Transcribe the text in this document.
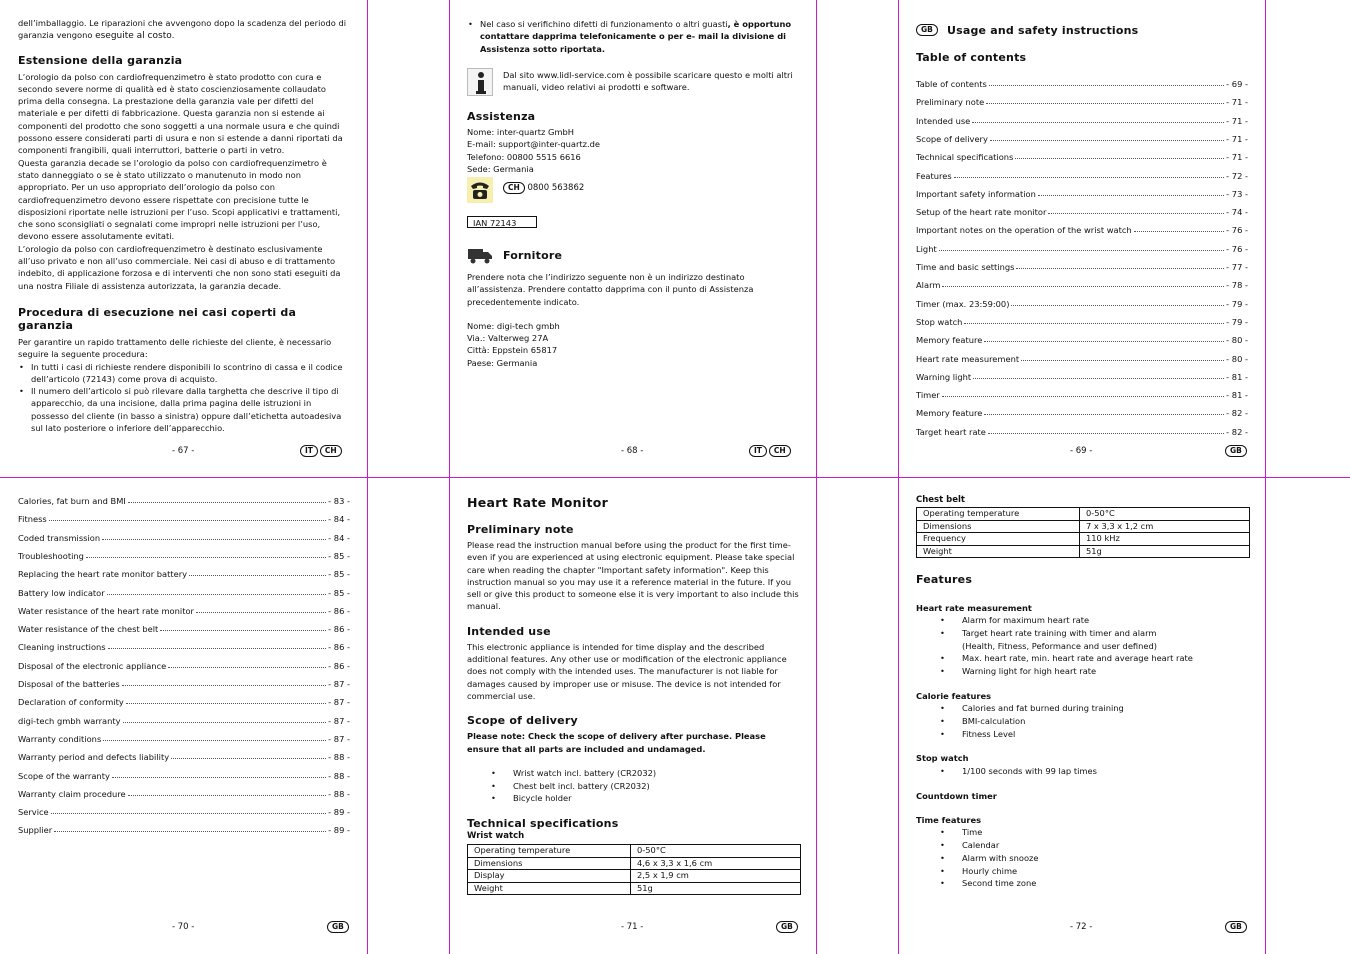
dell’imballaggio. Le riparazioni che avvengono dopo la scadenza del periodo di garanzia vengono eseguite al costo.

Estensione della garanzia

L’orologio da polso con cardiofrequenzimetro è stato prodotto con cura e secondo severe norme di qualità ed è stato coscienziosamente collaudato prima della consegna. La prestazione della garanzia vale per difetti del materiale e per difetti di fabbricazione. Questa garanzia non si estende ai componenti del prodotto che sono soggetti a una normale usura e che quindi possono essere considerati parti di usura e non si estende a danni riportati da componenti frangibili, quali interruttori, batterie o parti in vetro.

Questa garanzia decade se l’orologio da polso con cardiofrequenzimetro è stato danneggiato o se è stato utilizzato o manutenuto in modo non appropriato. Per un uso appropriato dell’orologio da polso con cardiofrequenzimetro devono essere rispettate con precisione tutte le disposizioni riportate nelle istruzioni per l’uso. Scopi applicativi e trattamenti, che sono sconsigliati o segnalati come impropri nelle istruzioni per l’uso, devono essere assolutamente evitati.

L’orologio da polso con cardiofrequenzimetro è destinato esclusivamente all’uso privato e non all’uso commerciale. Nei casi di abuso e di trattamento indebito, di applicazione forzosa e di interventi che non sono stati eseguiti da una nostra Filiale di assistenza autorizzata, la garanzia decade.

Procedura di esecuzione nei casi coperti da garanzia

Per garantire un rapido trattamento delle richieste del cliente, è necessario seguire la seguente procedura:

• In tutti i casi di richieste rendere disponibili lo scontrino di cassa e il codice dell’articolo (72143) come prova di acquisto.
• Il numero dell’articolo si può rilevare dalla targhetta che descrive il tipo di apparecchio, da una incisione, dalla prima pagina delle istruzioni in possesso del cliente (in basso a sinistra) oppure dall’etichetta autoadesiva sul lato posteriore o inferiore dell’apparecchio.
- 67 -	IT CH
• Nel caso si verifichino difetti di funzionamento o altri guasti, è opportuno contattare dapprima telefonicamente o per e- mail la divisione di Assistenza sotto riportata.

Dal sito www.lidl-service.com è possibile scaricare questo e molti altri manuali, video relativi ai prodotti e software.

Assistenza

Nome: inter-quartz GmbH

E-mail: support@inter-quartz.de

Telefono: 00800 5515 6616

Sede: Germania

CH 0800 563862
IAN 72143

Fornitore

Prendere nota che l’indirizzo seguente non è un indirizzo destinato all’assistenza. Prendere contatto dapprima con il punto di Assistenza precedentemente indicato.

Nome: digi-tech gmbh

Via.: Valterweg 27A

Città: Eppstein 65817

Paese: Germania

- 68 -	IT CH
GB Usage and safety instructions

Table of contents

Table of contents	- 69 -
Preliminary note	- 71 -
Intended use	- 71 -
Scope of delivery	- 71 -
Technical specifications	- 71 -
Features	- 72 -
Important safety information	- 73 -
Setup of the heart rate monitor	- 74 -
Important notes on the operation of the wrist watch	- 76 -
Light	- 76 -
Time and basic settings	- 77 -
Alarm	- 78 -
Timer (max. 23:59:00)	- 79 -
Stop watch	- 79 -
Memory feature	- 80 -
Heart rate measurement	- 80 -
Warning light	- 81 -
Timer	- 81 -
Memory feature	- 82 -
Target heart rate	- 82 -
- 69 -	GB
Calories, fat burn and BMI	- 83 -
Fitness	- 84 -
Coded transmission	- 84 -
Troubleshooting	- 85 -
Replacing the heart rate monitor battery	- 85 -
Battery low indicator	- 85 -
Water resistance of the heart rate monitor	- 86 -
Water resistance of the chest belt	- 86 -
Cleaning instructions	- 86 -
Disposal of the electronic appliance	- 86 -
Disposal of the batteries	- 87 -
Declaration of conformity	- 87 -
digi-tech gmbh warranty	- 87 -
Warranty conditions	- 87 -
Warranty period and defects liability	- 88 -
Scope of the warranty	- 88 -
Warranty claim procedure	- 88 -
Service	- 89 -
Supplier	- 89 -
- 70 -	GB

Heart Rate Monitor

Preliminary note

Please read the instruction manual before using the product for the first time- even if you are experienced at using electronic equipment. Please take special care when reading the chapter "Important safety information". Keep this instruction manual so you may use it a reference material in the future. If you sell or give this product to someone else it is very important to also include this manual.

Intended use

This electronic appliance is intended for time display and the described additional features. Any other use or modification of the electronic appliance does not comply with the intended uses. The manufacturer is not liable for damages caused by improper use or misuse. The device is not intended for commercial use.

Scope of delivery

Please note: Check the scope of delivery after purchase. Please ensure that all parts are included and undamaged.

• Wrist watch incl. battery (CR2032)
• Chest belt incl. battery (CR2032)
• Bicycle holder

Technical specifications

Wrist watch
Operating temperature	0-50°C
Dimensions	4,6 x 3,3 x 1,6 cm
Display	2,5 x 1,9 cm
Weight	51g
- 71 -	GB
Chest belt
Operating temperature	0-50°C
Dimensions	7 x 3,3 x 1,2 cm
Frequency	110 kHz
Weight	51g

Features

Heart rate measurement

• Alarm for maximum heart rate
• Target heart rate training with timer and alarm

(Health, Fitness, Peformance and user defined)

• Max. heart rate, min. heart rate and average heart rate
• Warning light for high heart rate

Calorie features

• Calories and fat burned during training
• BMI-calculation
• Fitness Level

Stop watch

• 1/100 seconds with 99 lap times

Countdown timer

Time features

• Time
• Calendar
• Alarm with snooze
• Hourly chime
• Second time zone
- 72 -	GB
